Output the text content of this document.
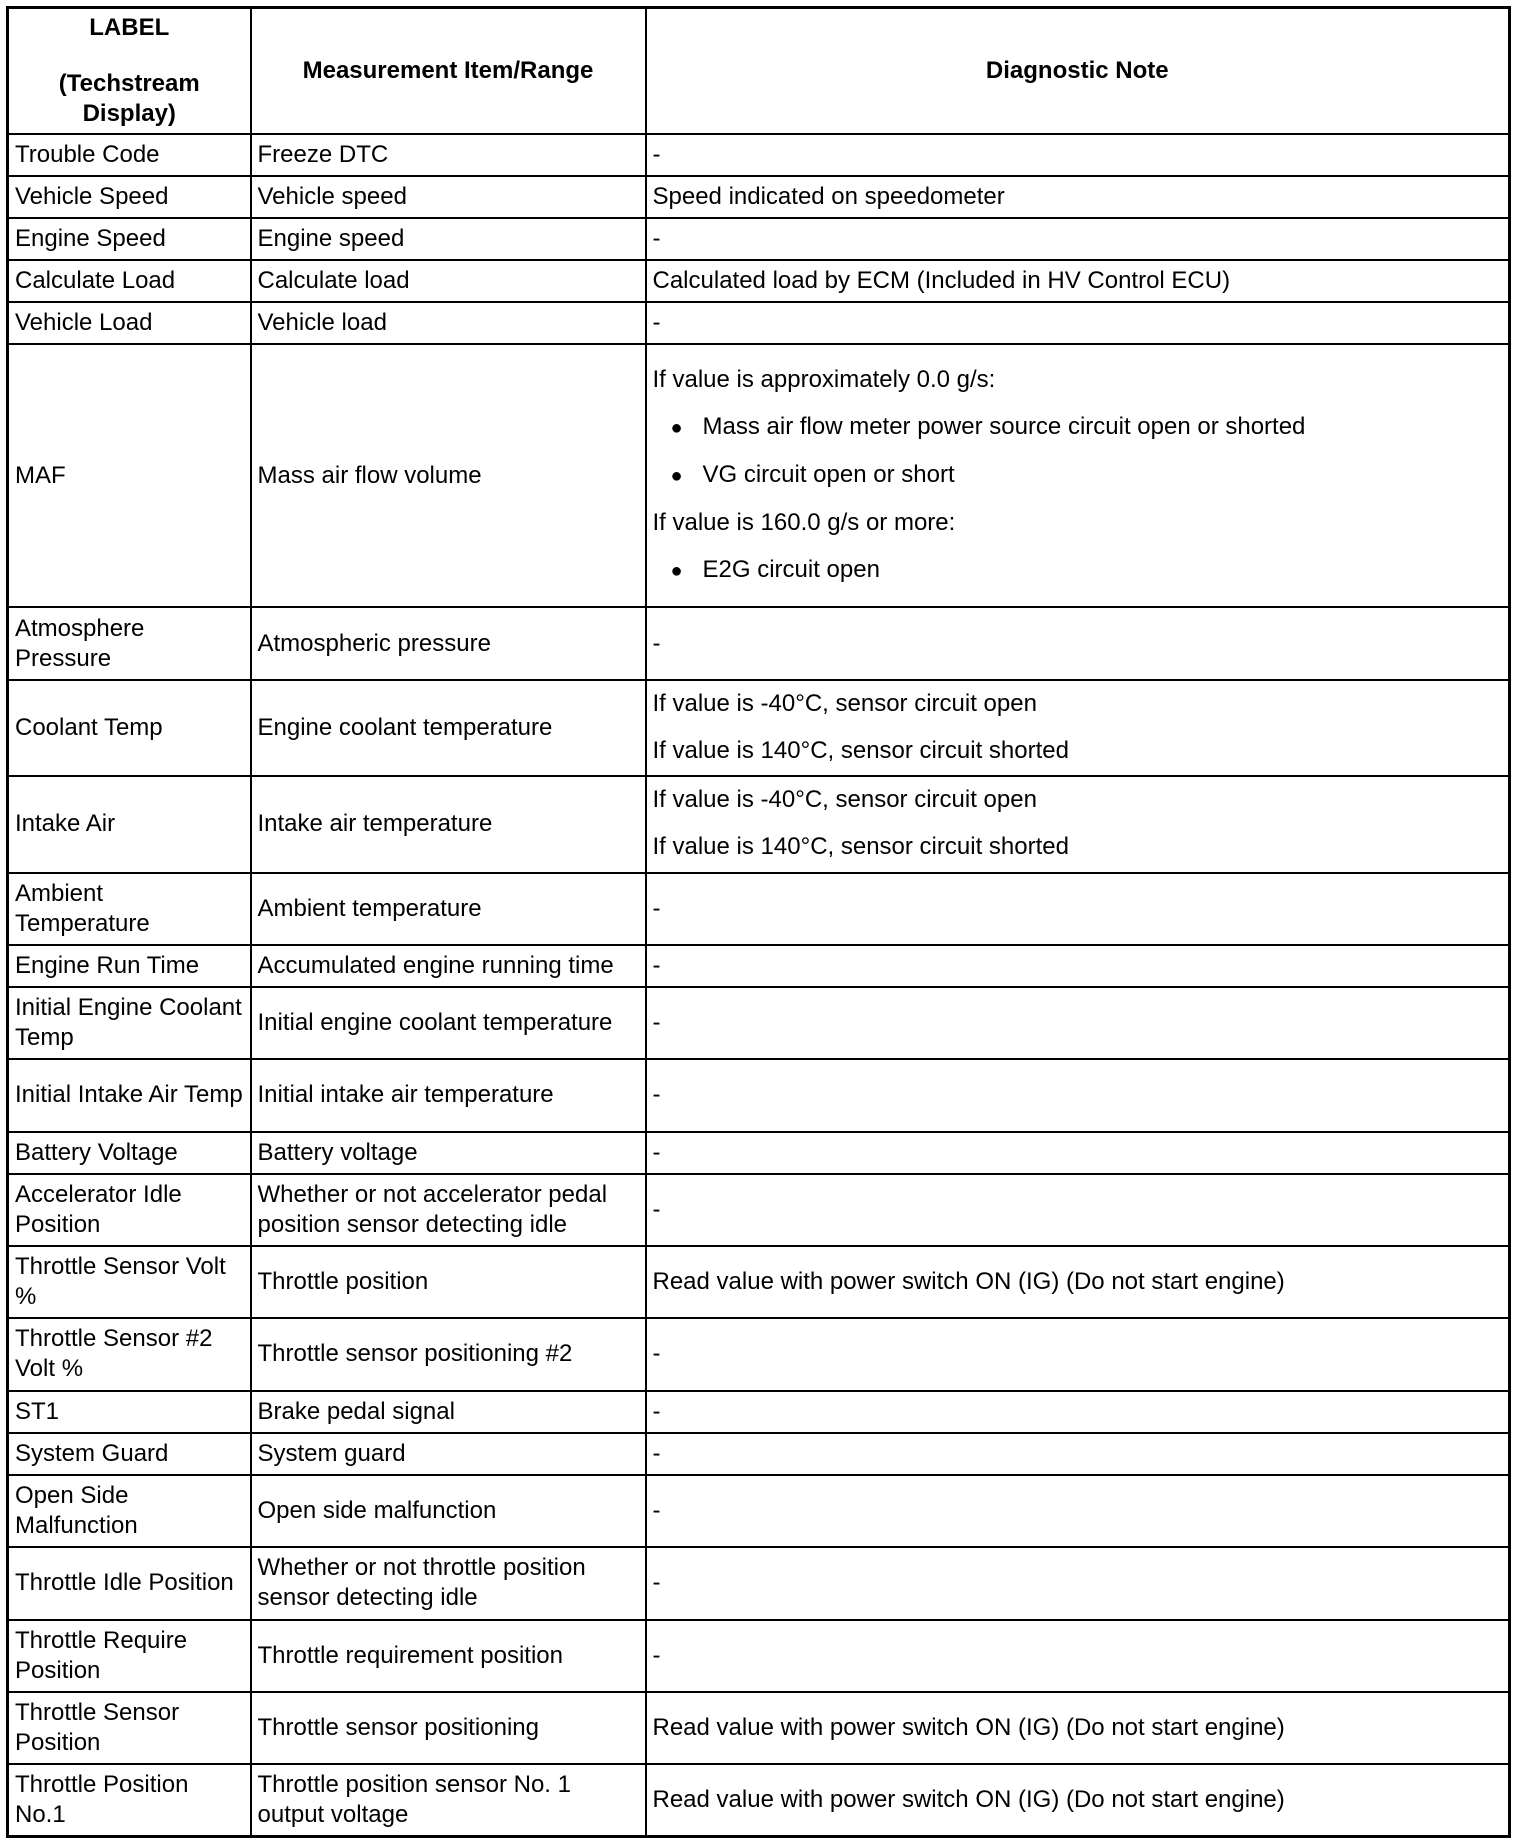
LABEL
(Techstream Display)	Measurement Item/Range	Diagnostic Note
Trouble Code	Freeze DTC	-
Vehicle Speed	Vehicle speed	Speed indicated on speedometer
Engine Speed	Engine speed	-
Calculate Load	Calculate load	Calculated load by ECM (Included in HV Control ECU)
Vehicle Load	Vehicle load	-
MAF	Mass air flow volume	If value is approximately 0.0 g/s:
● Mass air flow meter power source circuit open or shorted
● VG circuit open or short
If value is 160.0 g/s or more:
● E2G circuit open

Atmosphere Pressure	Atmospheric pressure	-
Coolant Temp	Engine coolant temperature	If value is -40°C, sensor circuit open
If value is 140°C, sensor circuit shorted

Intake Air	Intake air temperature	If value is -40°C, sensor circuit open
If value is 140°C, sensor circuit shorted

Ambient Temperature	Ambient temperature	-
Engine Run Time	Accumulated engine running time	-
Initial Engine Coolant Temp	Initial engine coolant temperature	-
Initial Intake Air Temp	Initial intake air temperature	-
Battery Voltage	Battery voltage	-
Accelerator Idle Position	Whether or not accelerator pedal position sensor detecting idle	-
Throttle Sensor Volt %	Throttle position	Read value with power switch ON (IG) (Do not start engine)
Throttle Sensor #2 Volt %	Throttle sensor positioning #2	-
ST1	Brake pedal signal	-
System Guard	System guard	-
Open Side Malfunction	Open side malfunction	-
Throttle Idle Position	Whether or not throttle position sensor detecting idle	-
Throttle Require Position	Throttle requirement position	-
Throttle Sensor Position	Throttle sensor positioning	Read value with power switch ON (IG) (Do not start engine)
Throttle Position No.1	Throttle position sensor No. 1 output voltage	Read value with power switch ON (IG) (Do not start engine)
